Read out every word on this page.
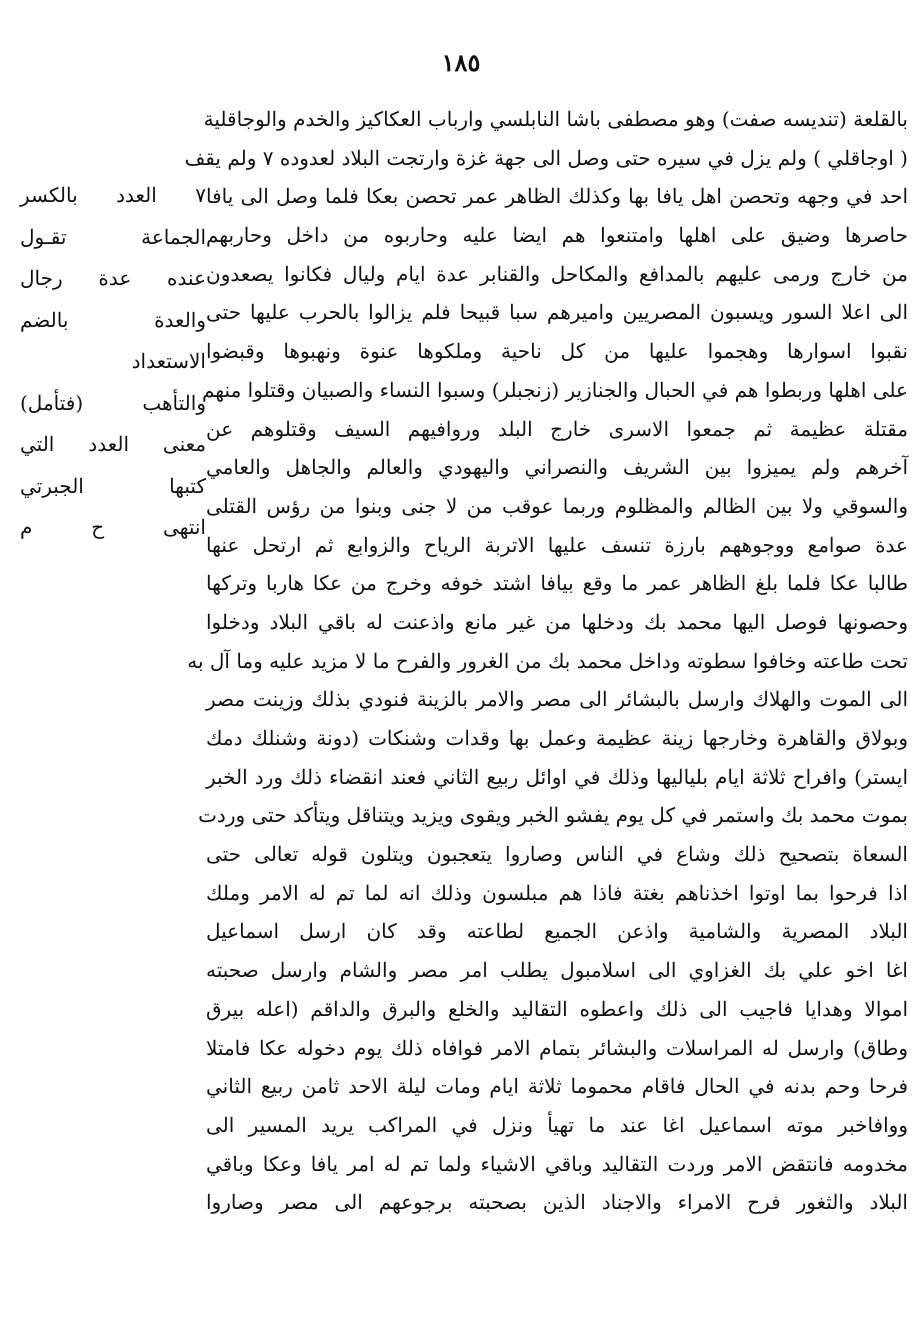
١٨٥
بالقلعة (تنديسه صفت) وهو مصطفى باشا النابلسي وارباب العكاكيز والخدم والوجاقلية
( اوجاقلي ) ولم يزل في سيره حتى وصل الى جهة غزة وارتجت البلاد لعدوده ٧ ولم يقف
احد في وجهه وتحصن اهل يافا بها وكذلك الظاهر عمر تحصن بعكا فلما وصل الى يافا
حاصرها وضيق على اهلها وامتنعوا هم ايضا عليه وحاربوه من داخل وحاربهم
من خارج ورمى عليهم بالمدافع والمكاحل والقنابر عدة ايام وليال فكانوا يصعدون
الى اعلا السور ويسبون المصريين واميرهم سبا قبيحا فلم يزالوا بالحرب عليها حتى
نقبوا اسوارها وهجموا عليها من كل ناحية وملكوها عنوة ونهبوها وقبضوا
على اهلها وربطوا هم في الحبال والجنازير (زنجبلر) وسبوا النساء والصبيان وقتلوا منهم
مقتلة عظيمة ثم جمعوا الاسرى خارج البلد وروافيهم السيف وقتلوهم عن
آخرهم ولم يميزوا بين الشريف والنصراني واليهودي والعالم والجاهل والعامي
والسوقي ولا بين الظالم والمظلوم وربما عوقب من لا جنى وبنوا من رؤس القتلى
عدة صوامع ووجوههم بارزة تنسف عليها الاتربة الرياح والزوابع ثم ارتحل عنها
طالبا عكا فلما بلغ الظاهر عمر ما وقع بيافا اشتد خوفه وخرج من عكا هاربا وتركها
وحصونها فوصل اليها محمد بك ودخلها من غير مانع واذعنت له باقي البلاد ودخلوا
تحت طاعته وخافوا سطوته وداخل محمد بك من الغرور والفرح ما لا مزيد عليه وما آل به
الى الموت والهلاك وارسل بالبشائر الى مصر والامر بالزينة فنودي بذلك وزينت مصر
وبولاق والقاهرة وخارجها زينة عظيمة وعمل بها وقدات وشنكات (دونة وشنلك دمك
ايستر) وافراح ثلاثة ايام بلياليها وذلك في اوائل ربيع الثاني فعند انقضاء ذلك ورد الخبر
بموت محمد بك واستمر في كل يوم يفشو الخبر ويقوى ويزيد ويتناقل ويتأكد حتى وردت
السعاة بتصحيح ذلك وشاع في الناس وصاروا يتعجبون ويتلون قوله تعالى حتى
اذا فرحوا بما اوتوا اخذناهم بغتة فاذا هم مبلسون وذلك انه لما تم له الامر وملك
البلاد المصرية والشامية واذعن الجميع لطاعته وقد كان ارسل اسماعيل
اغا اخو علي بك الغزاوي الى اسلامبول يطلب امر مصر والشام وارسل صحبته
اموالا وهدايا فاجيب الى ذلك واعطوه التقاليد والخلع والبرق والداقم (اعله بيرق
وطاق) وارسل له المراسلات والبشائر بتمام الامر فوافاه ذلك يوم دخوله عكا فامتلا
فرحا وحم بدنه في الحال فاقام محموما ثلاثة ايام ومات ليلة الاحد ثامن ربيع الثاني
ووافاخبر موته اسماعيل اغا عند ما تهيأ ونزل في المراكب يريد المسير الى
مخدومه فانتقض الامر وردت التقاليد وباقي الاشياء ولما تم له امر يافا وعكا وباقي
البلاد والثغور فرح الامراء والاجناد الذين بصحبته برجوعهم الى مصر وصاروا
٧ العدد بالكسر
الجماعة تقـول
عنده عدة رجال
والعدة بالضم
الاستعداد
والتأهب (فتأمل)
معنى العدد التي
كتبها الجبرتي
انتهى ح م
